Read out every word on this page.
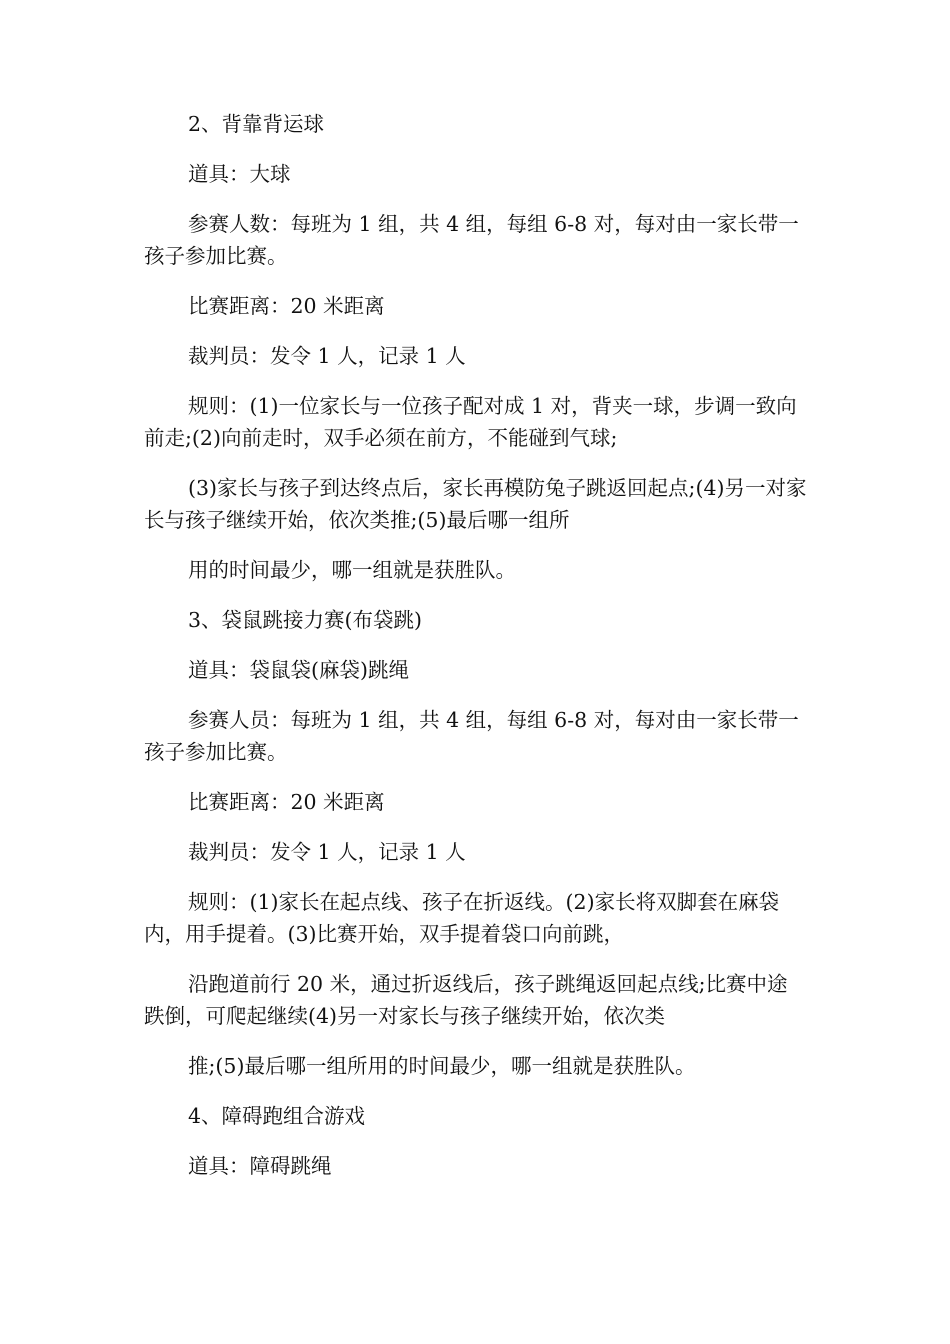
2、背靠背运球

道具：大球

参赛人数：每班为 1 组，共 4 组，每组 6-8 对，每对由一家长带一孩子参加比赛。

比赛距离：20 米距离

裁判员：发令 1 人，记录 1 人

规则：(1)一位家长与一位孩子配对成 1 对，背夹一球，步调一致向前走;(2)向前走时，双手必须在前方，不能碰到气球;

(3)家长与孩子到达终点后，家长再模防兔子跳返回起点;(4)另一对家长与孩子继续开始，依次类推;(5)最后哪一组所

用的时间最少，哪一组就是获胜队。

3、袋鼠跳接力赛(布袋跳)

道具：袋鼠袋(麻袋)跳绳

参赛人员：每班为 1 组，共 4 组，每组 6-8 对，每对由一家长带一孩子参加比赛。

比赛距离：20 米距离

裁判员：发令 1 人，记录 1 人

规则：(1)家长在起点线、孩子在折返线。(2)家长将双脚套在麻袋内，用手提着。(3)比赛开始，双手提着袋口向前跳，

沿跑道前行 20 米，通过折返线后，孩子跳绳返回起点线;比赛中途跌倒，可爬起继续(4)另一对家长与孩子继续开始，依次类

推;(5)最后哪一组所用的时间最少，哪一组就是获胜队。

4、障碍跑组合游戏

道具：障碍跳绳
